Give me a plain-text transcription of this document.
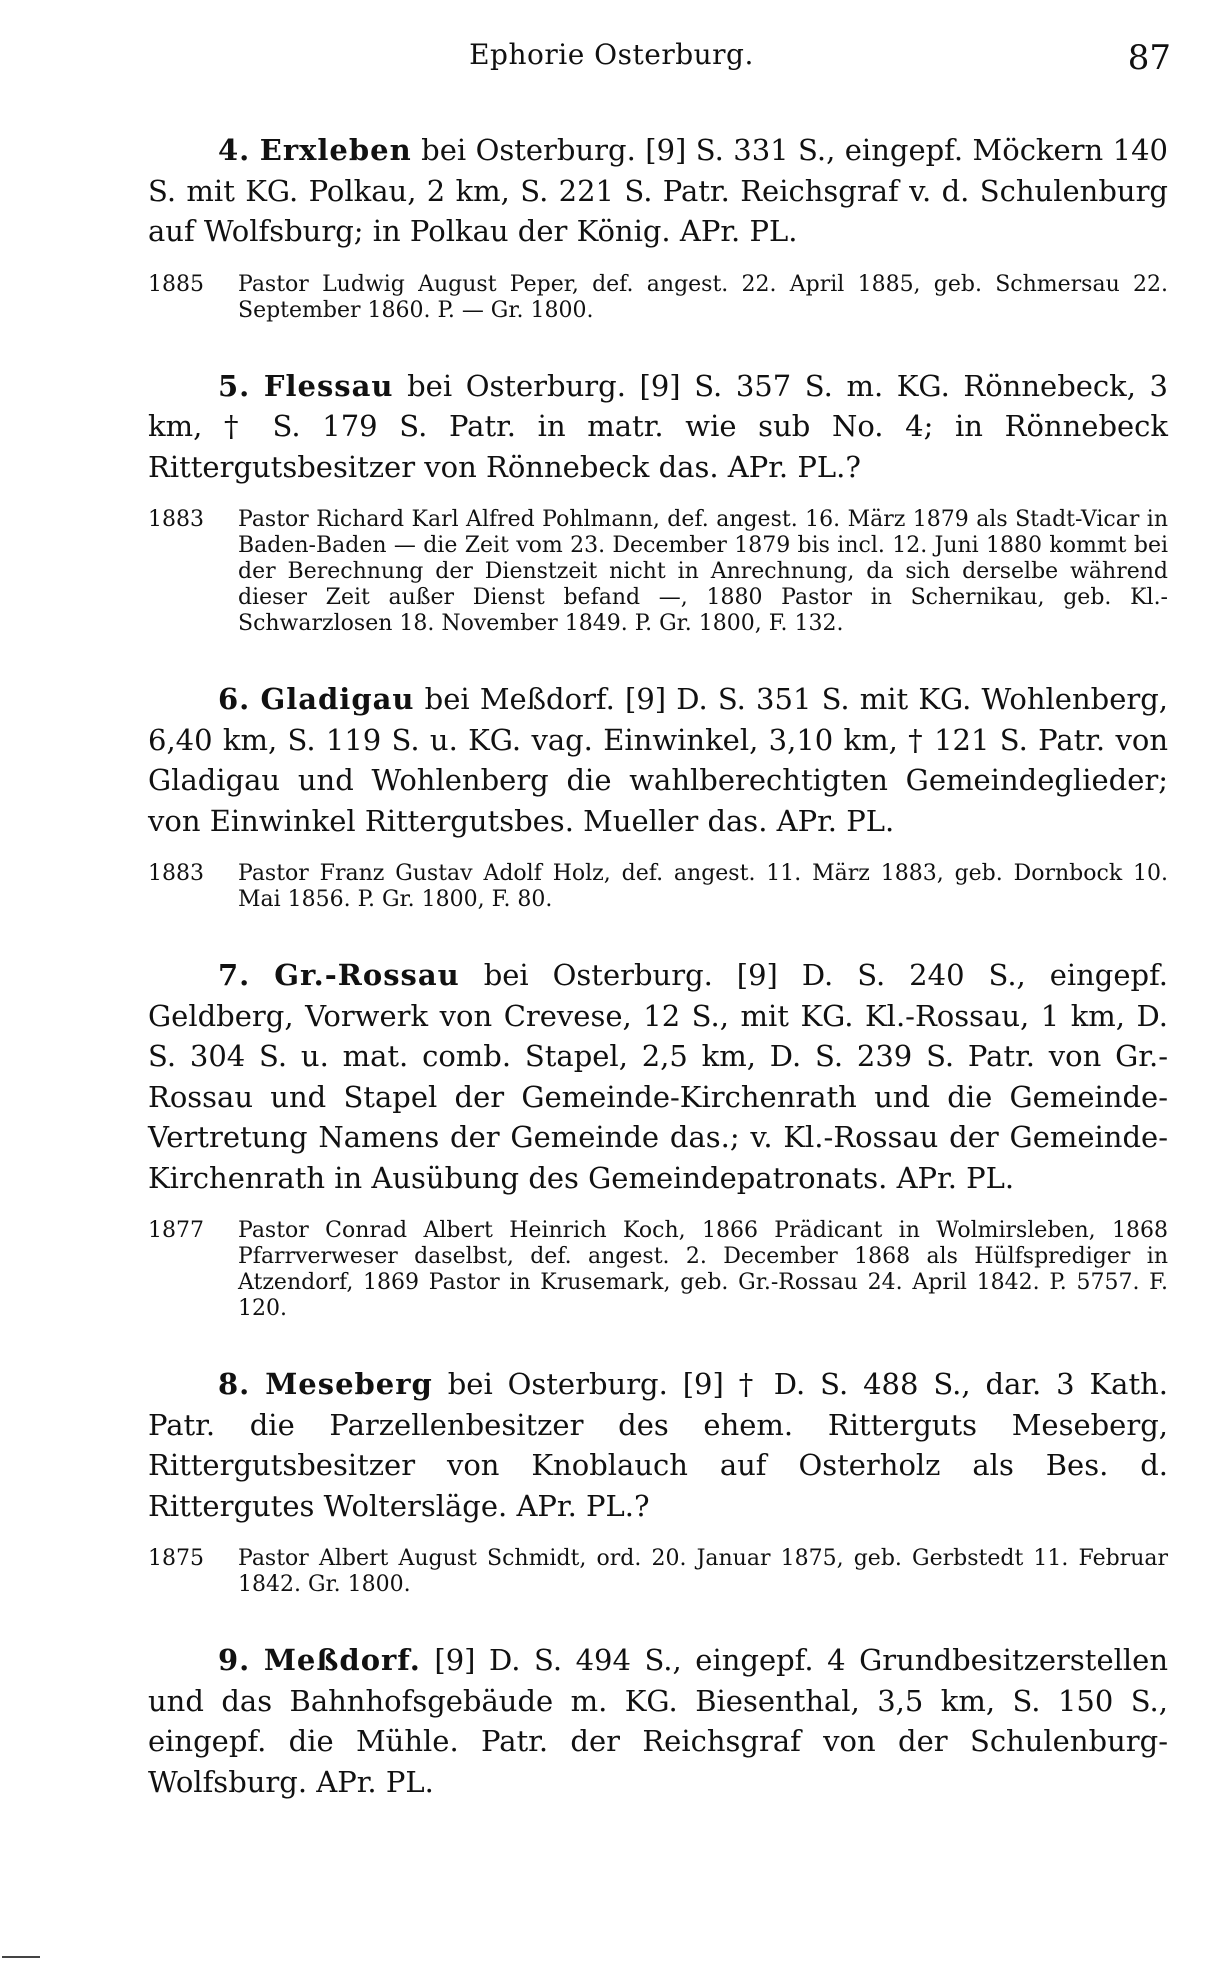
Ephorie Osterburg.	87
4. Erxleben bei Osterburg. [9] S. 331 S., eingepf. Möckern 140 S. mit KG. Polkau, 2 km, S. 221 S. Patr. Reichsgraf v. d. Schulenburg auf Wolfsburg; in Polkau der König. APr. PL.
1885	Pastor Ludwig August Peper, def. angest. 22. April 1885, geb. Schmersau 22. September 1860. P. — Gr. 1800.
5. Flessau bei Osterburg. [9] S. 357 S. m. KG. Rönnebeck, 3 km, † S. 179 S. Patr. in matr. wie sub No. 4; in Rönnebeck Rittergutsbesitzer von Rönnebeck das. APr. PL.?
1883	Pastor Richard Karl Alfred Pohlmann, def. angest. 16. März 1879 als Stadt-Vicar in Baden-Baden — die Zeit vom 23. December 1879 bis incl. 12. Juni 1880 kommt bei der Berechnung der Dienstzeit nicht in Anrechnung, da sich derselbe während dieser Zeit außer Dienst befand —, 1880 Pastor in Schernikau, geb. Kl.-Schwarzlosen 18. November 1849. P. Gr. 1800, F. 132.
6. Gladigau bei Meßdorf. [9] D. S. 351 S. mit KG. Wohlenberg, 6,40 km, S. 119 S. u. KG. vag. Einwinkel, 3,10 km, † 121 S. Patr. von Gladigau und Wohlenberg die wahlberechtigten Gemeindeglieder; von Einwinkel Rittergutsbes. Mueller das. APr. PL.
1883	Pastor Franz Gustav Adolf Holz, def. angest. 11. März 1883, geb. Dornbock 10. Mai 1856. P. Gr. 1800, F. 80.
7. Gr.-Rossau bei Osterburg. [9] D. S. 240 S., eingepf. Geldberg, Vorwerk von Crevese, 12 S., mit KG. Kl.-Rossau, 1 km, D. S. 304 S. u. mat. comb. Stapel, 2,5 km, D. S. 239 S. Patr. von Gr.-Rossau und Stapel der Gemeinde-Kirchenrath und die Gemeinde-Vertretung Namens der Gemeinde das.; v. Kl.-Rossau der Gemeinde-Kirchenrath in Ausübung des Gemeindepatronats. APr. PL.
1877	Pastor Conrad Albert Heinrich Koch, 1866 Prädicant in Wolmirsleben, 1868 Pfarrverweser daselbst, def. angest. 2. December 1868 als Hülfsprediger in Atzendorf, 1869 Pastor in Krusemark, geb. Gr.-Rossau 24. April 1842. P. 5757. F. 120.
8. Meseberg bei Osterburg. [9] † D. S. 488 S., dar. 3 Kath. Patr. die Parzellenbesitzer des ehem. Ritterguts Meseberg, Rittergutsbesitzer von Knoblauch auf Osterholz als Bes. d. Rittergutes Woltersläge. APr. PL.?
1875	Pastor Albert August Schmidt, ord. 20. Januar 1875, geb. Gerbstedt 11. Februar 1842. Gr. 1800.
9. Meßdorf. [9] D. S. 494 S., eingepf. 4 Grundbesitzerstellen und das Bahnhofsgebäude m. KG. Biesenthal, 3,5 km, S. 150 S., eingepf. die Mühle. Patr. der Reichsgraf von der Schulenburg-Wolfsburg. APr. PL.
